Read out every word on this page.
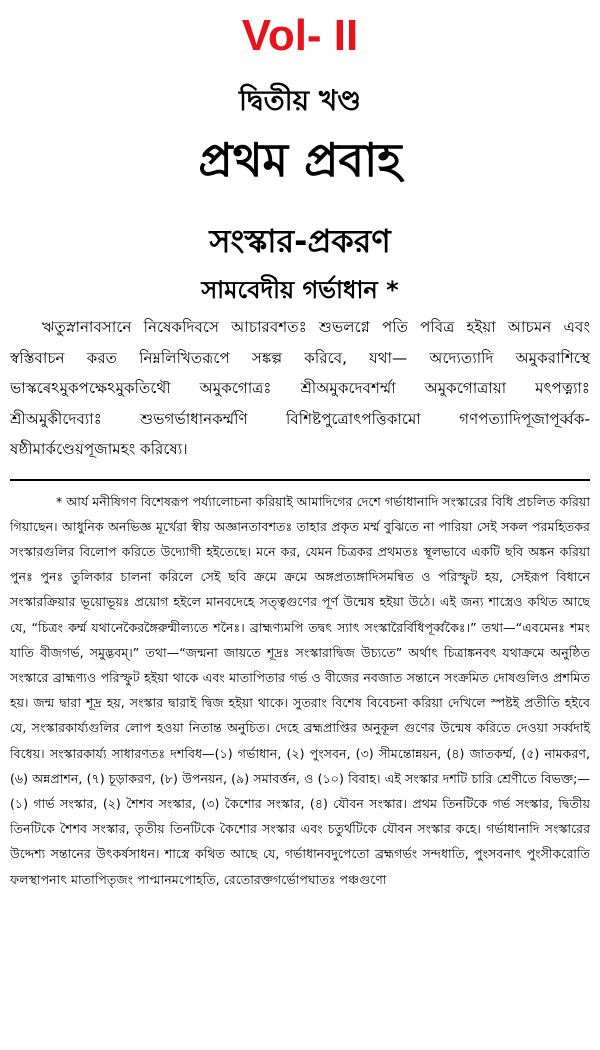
Vol- II
দ্বিতীয় খণ্ড
প্রথম প্রবাহ
সংস্কার-প্রকরণ
সামবেদীয় গর্ভাধান *

ঋতুস্নানাবসানে নিষেকদিবসে আচারবশতঃ শুভলগ্নে পতি পবিত্র হইয়া আচমন এবং স্বস্তিবাচন করত নিম্নলিখিতরূপে সঙ্কল্প করিবে, যথা— অদ্যেত্যাদি অমুকরাশিস্থে ভাস্কৰেঽমুকপক্ষেঽমুকতিথৌ অমুকগোত্রঃ শ্রীঅমুকদেবশর্ম্মা অমুকগোত্রায়া মৎপত্ন্যাঃ শ্রীঅমুকীদেব্যাঃ শুভগর্ভাধানকর্ম্মণি বিশিষ্টপুত্রোৎপত্তিকামো গণপত্যাদিপূজাপূর্ব্বক-ষষ্ঠীমার্কণ্ডেয়পূজামহং করিষ্যে।

* আর্য মনীষিগণ বিশেষরূপ পর্য্যালোচনা করিয়াই আমাদিগের দেশে গর্ভাধানাদি সংস্কারের বিধি প্রচলিত করিয়া গিয়াছেন। আধুনিক অনভিজ্ঞ মূর্খেরা স্বীয় অজ্ঞানতাবশতঃ তাহার প্রকৃত মর্ম্ম বুঝিতে না পারিয়া সেই সকল পরমহিতকর সংস্কারগুলির বিলোপ করিতে উদ্যোগী হইতেছে। মনে কর, যেমন চিত্রকর প্রথমতঃ স্থূলভাবে একটি ছবি অঙ্কন করিয়া পুনঃ পুনঃ তুলিকার চালনা করিলে সেই ছবি ক্রমে ক্রমে অঙ্গপ্রত্যঙ্গাদিসমন্বিত ও পরিস্ফুট হয়, সেইরূপ বিধানে সংস্কারক্রিয়ার ভূয়োভূয়ঃ প্রয়োগ হইলে মানবদেহে সত্ত্বগুণের পূর্ণ উন্মেষ হইয়া উঠে। এই জন্য শাস্ত্রেও কথিত আছে যে, “চিত্রং কর্ম্ম যথানেকৈরঙ্গৈরুন্মীল্যতে শনৈঃ। ব্রাহ্মণ্যমপি তদ্বৎ স্যাৎ সংস্কারৈর্বিধিপূর্ব্বকৈঃ।” তথা—“এবমেনঃ শমং যাতি বীজগর্ভ, সমুদ্ভবম্।” তথা—“জন্মনা জায়তে শূদ্রঃ সংস্কারাদ্বিজ উচ্যতে” অর্থাৎ চিত্রাঙ্কনবৎ যথাক্রমে অনুষ্ঠিত সংস্কারে ব্রাহ্মণ্যও পরিস্ফুট হইয়া থাকে এবং মাতাপিতার গর্ভ ও বীজের নবজাত সন্তানে সংক্রমিত দোষগুলিও প্রশমিত হয়। জন্ম দ্বারা শূদ্র হয়, সংস্কার দ্বারাই দ্বিজ হইয়া থাকে। সুতরাং বিশেষ বিবেচনা করিয়া দেখিলে স্পষ্টই প্রতীতি হইবে যে, সংস্কারকার্য্যগুলির লোপ হওয়া নিতান্ত অনুচিত। দেহে ব্রহ্মপ্রাপ্তির অনুকূল গুণের উন্মেষ করিতে দেওয়া সর্ব্বদাই বিধেয়। সংস্কারকার্য্য সাধারণতঃ দশবিধ—(১) গর্ভাধান, (২) পুংসবন, (৩) সীমন্তোন্নয়ন, (৪) জাতকর্ম্ম, (৫) নামকরণ, (৬) অন্নপ্রাশন, (৭) চূড়াকরণ, (৮) উপনয়ন, (৯) সমাবর্ত্তন, ও (১০) বিবাহ। এই সংস্কার দশটি চারি শ্রেণীতে বিভক্ত;— (১) গার্ভ সংস্কার, (২) শৈশব সংস্কার, (৩) কৈশোর সংস্কার, (৪) যৌবন সংস্কার। প্রথম তিনটিকে গর্ভ সংস্কার, দ্বিতীয় তিনটিকে শৈশব সংস্কার, তৃতীয় তিনটিকে কৈশোর সংস্কার এবং চতুর্থটিকে যৌবন সংস্কার কহে। গর্ভাধানাদি সংস্কারের উদ্দেশ্য সন্তানের উৎকর্ষসাধন। শাস্ত্রে কথিত আছে যে, গর্ভাধানবদুপেতো ব্রহ্মগর্ভং সন্দধাতি, পুংসবনাৎ পুংসীকরোতি ফলস্থাপনাৎ মাতাপিতৃজং পাপ্মানমপোহতি, রেতোরক্তগর্ভোপঘাতঃ পঞ্চগুণো
